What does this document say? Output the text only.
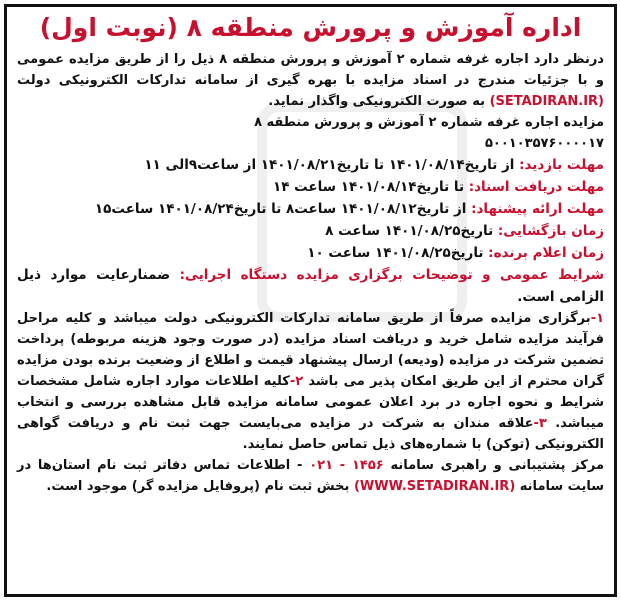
اداره آموزش و پرورش منطقه ۸ (نوبت اول)

درنظر دارد اجاره غرفه شماره ۲ آموزش و پرورش منطقه ۸ ذیل را از طریق مزایده عمومی و با جزئیات مندرج در اسناد مزایده با بهره گیری از سامانه تدارکات الکترونیکی دولت (SETADIRAN.IR) به صورت الکترونیکی واگذار نماید.

مزایده اجاره غرفه شماره ۲ آموزش و پرورش منطقه ۸

۵۰۰۱۰۳۵۷۶۰۰۰۰۱۷

مهلت بازدید: از تاریخ۱۴۰۱/۰۸/۱۴ تا تاریخ۱۴۰۱/۰۸/۲۱ از ساعت۹الی ۱۱

مهلت دریافت اسناد: تا تاریخ۱۴۰۱/۰۸/۱۴ ساعت ۱۴

مهلت ارائه پیشنهاد: از تاریخ۱۴۰۱/۰۸/۱۲ ساعت۸ تا تاریخ۱۴۰۱/۰۸/۲۴ ساعت۱۵

زمان بازگشایی: تاریخ۱۴۰۱/۰۸/۲۵ ساعت ۸

زمان اعلام برنده: تاریخ۱۴۰۱/۰۸/۲۵ ساعت ۱۰

شرایط عمومی و توضیحات برگزاری مزایده دستگاه اجرایی: ضمنارعایت موارد ذیل الزامی است.

۱-برگزاری مزایده صرفاً از طریق سامانه تدارکات الکترونیکی دولت میباشد و کلیه مراحل فرآیند مزایده شامل خرید و دریافت اسناد مزایده (در صورت وجود هزینه مربوطه) پرداخت تضمین شرکت در مزایده (ودیعه) ارسال پیشنهاد قیمت و اطلاع از وضعیت برنده بودن مزایده گران محترم از این طریق امکان پذیر می باشد ۲-کلیه اطلاعات موارد اجاره شامل مشخصات شرایط و نحوه اجاره در برد اعلان عمومی سامانه مزایده قابل مشاهده بررسی و انتخاب میباشد. ۳-علاقه مندان به شرکت در مزایده می‌بایست جهت ثبت نام و دریافت گواهی الکترونیکی (توکن) با شماره‌های ذیل تماس حاصل نمایند.

مرکز پشتیبانی و راهبری سامانه ۱۴۵۶ - ۰۲۱ - اطلاعات تماس دفاتر ثبت نام استان‌ها در سایت سامانه (WWW.SETADIRAN.IR) بخش ثبت نام (پروفایل مزایده گر) موجود است.
